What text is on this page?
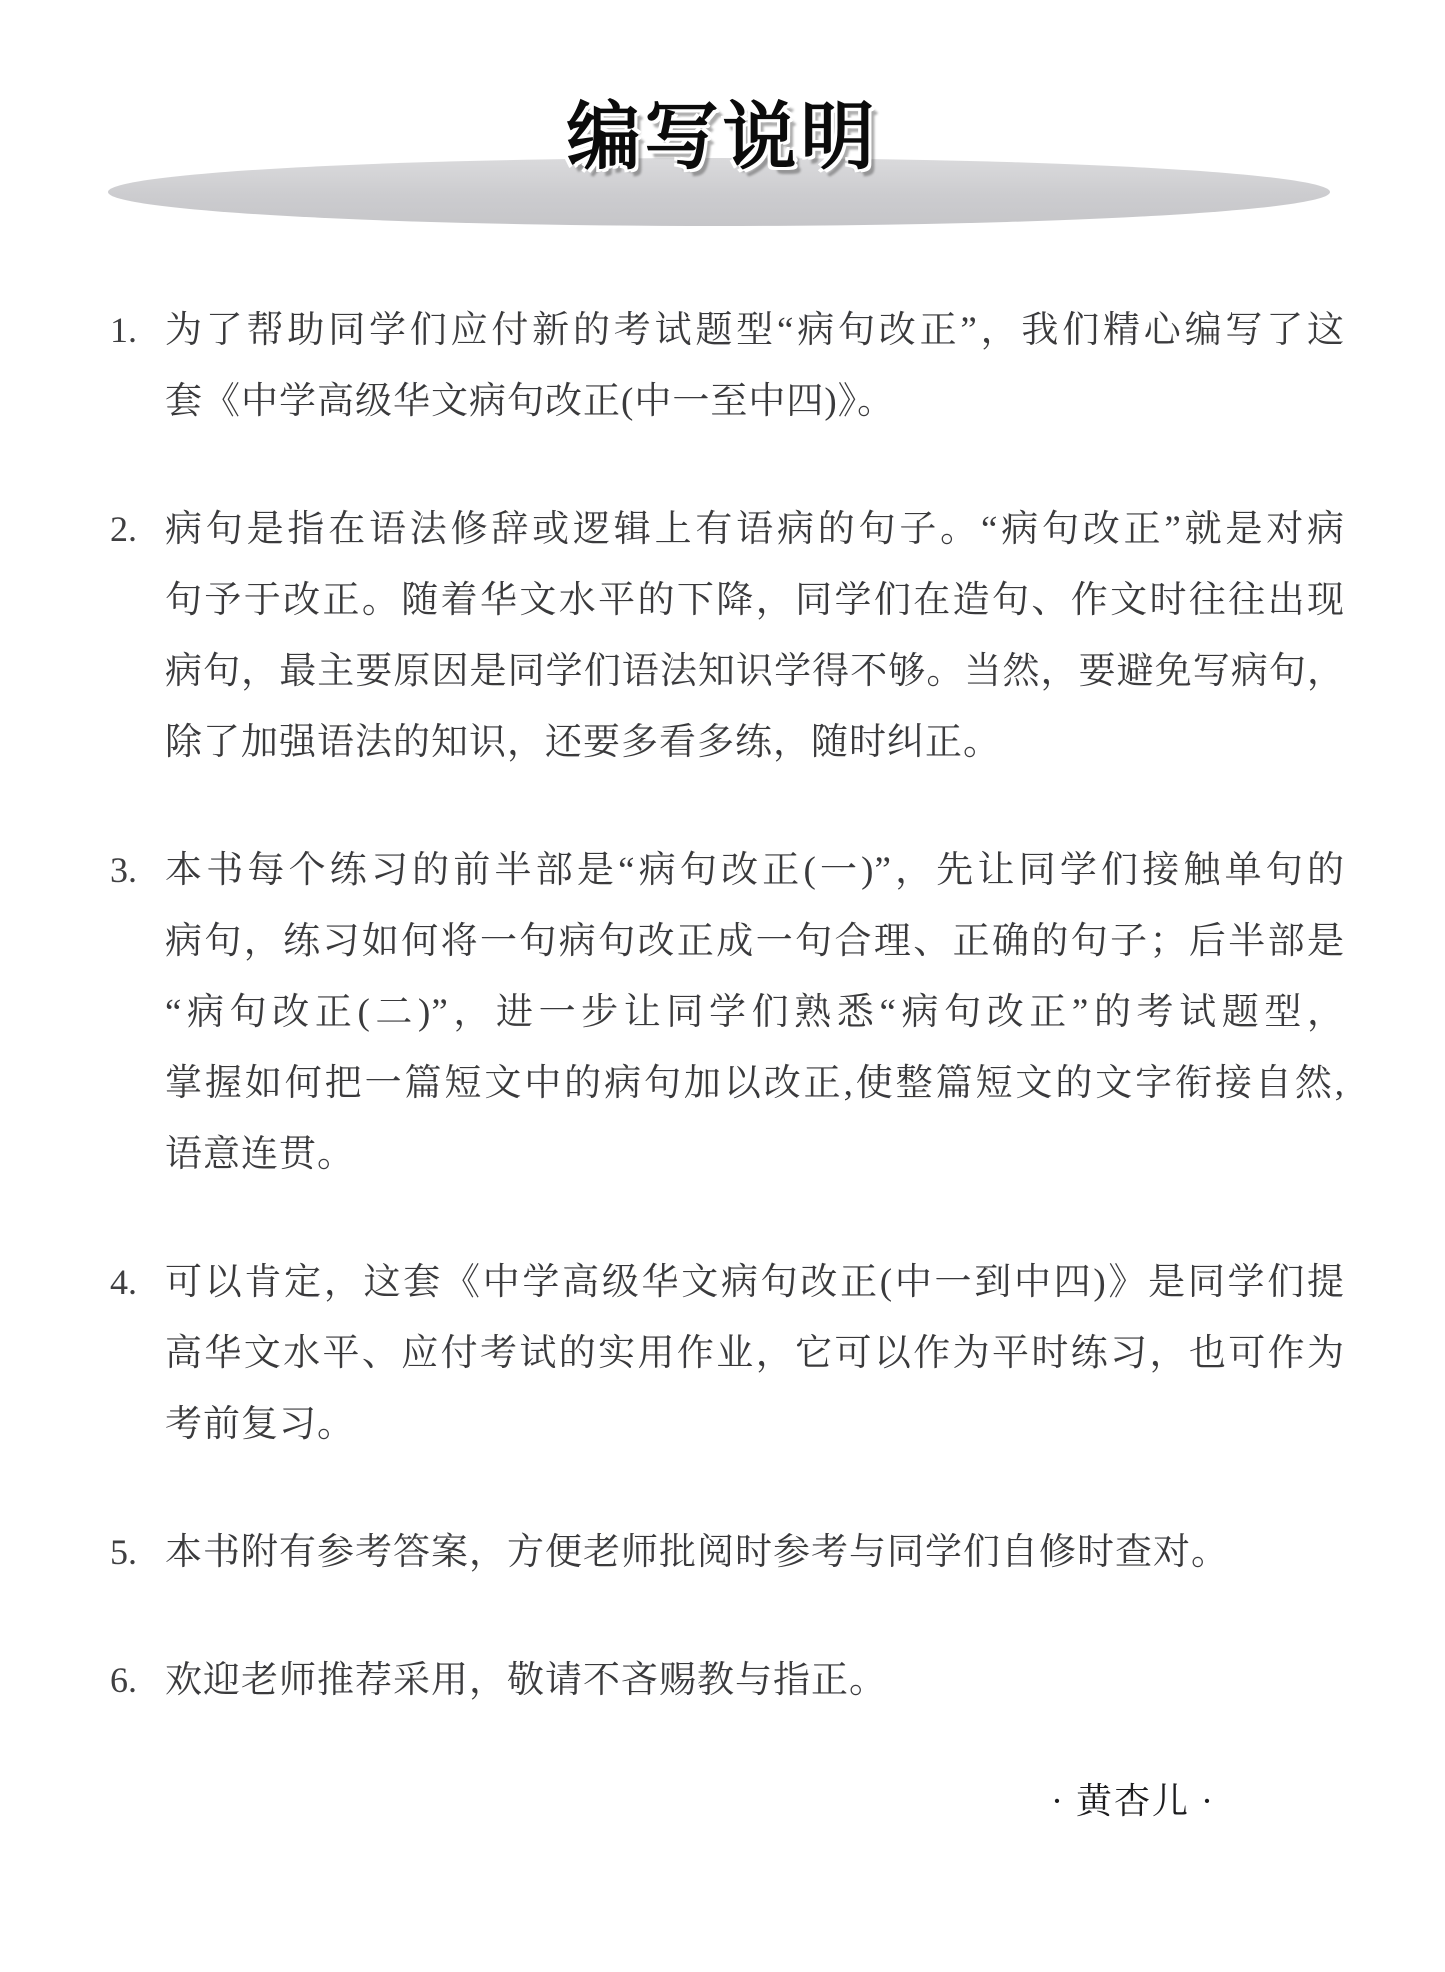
编写说明
1. 为了帮助同学们应付新的考试题型“病句改正”，我们精心编写了这
套《中学高级华文病句改正(中一至中四)》。
2. 病句是指在语法修辞或逻辑上有语病的句子。“病句改正”就是对病
句予于改正。随着华文水平的下降，同学们在造句、作文时往往出现
病句，最主要原因是同学们语法知识学得不够。当然，要避免写病句，
除了加强语法的知识，还要多看多练，随时纠正。
3. 本书每个练习的前半部是“病句改正(一)”，先让同学们接触单句的
病句，练习如何将一句病句改正成一句合理、正确的句子；后半部是
“病句改正(二)”，进一步让同学们熟悉“病句改正”的考试题型，
掌握如何把一篇短文中的病句加以改正,使整篇短文的文字衔接自然,
语意连贯。
4. 可以肯定，这套《中学高级华文病句改正(中一到中四)》是同学们提
高华文水平、应付考试的实用作业，它可以作为平时练习，也可作为
考前复习。
5. 本书附有参考答案，方便老师批阅时参考与同学们自修时查对。
6. 欢迎老师推荐采用，敬请不吝赐教与指正。
· 黄杏儿 ·
